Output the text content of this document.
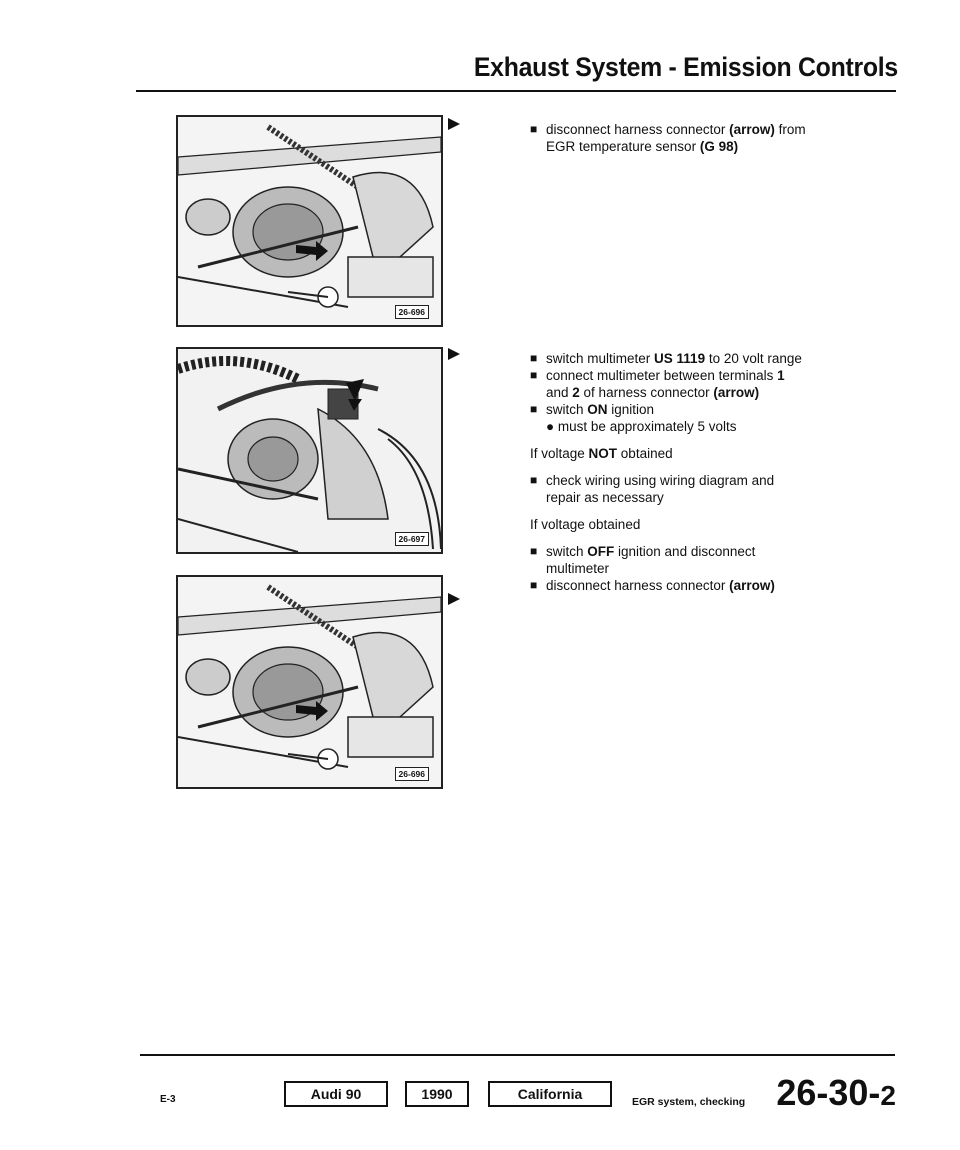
Exhaust System - Emission Controls
26-696
26-697
26-696
■ disconnect harness connector (arrow) from
EGR temperature sensor (G 98)
■ switch multimeter US 1119 to 20 volt range
■ connect multimeter between terminals 1
and 2 of harness connector (arrow)
■ switch ON ignition
● must be approximately 5 volts
If voltage NOT obtained
■ check wiring using wiring diagram and
repair as necessary
If voltage obtained
■ switch OFF ignition and disconnect
multimeter
■ disconnect harness connector (arrow)
E-3	Audi 90	1990	California	EGR system, checking 26-30-2
